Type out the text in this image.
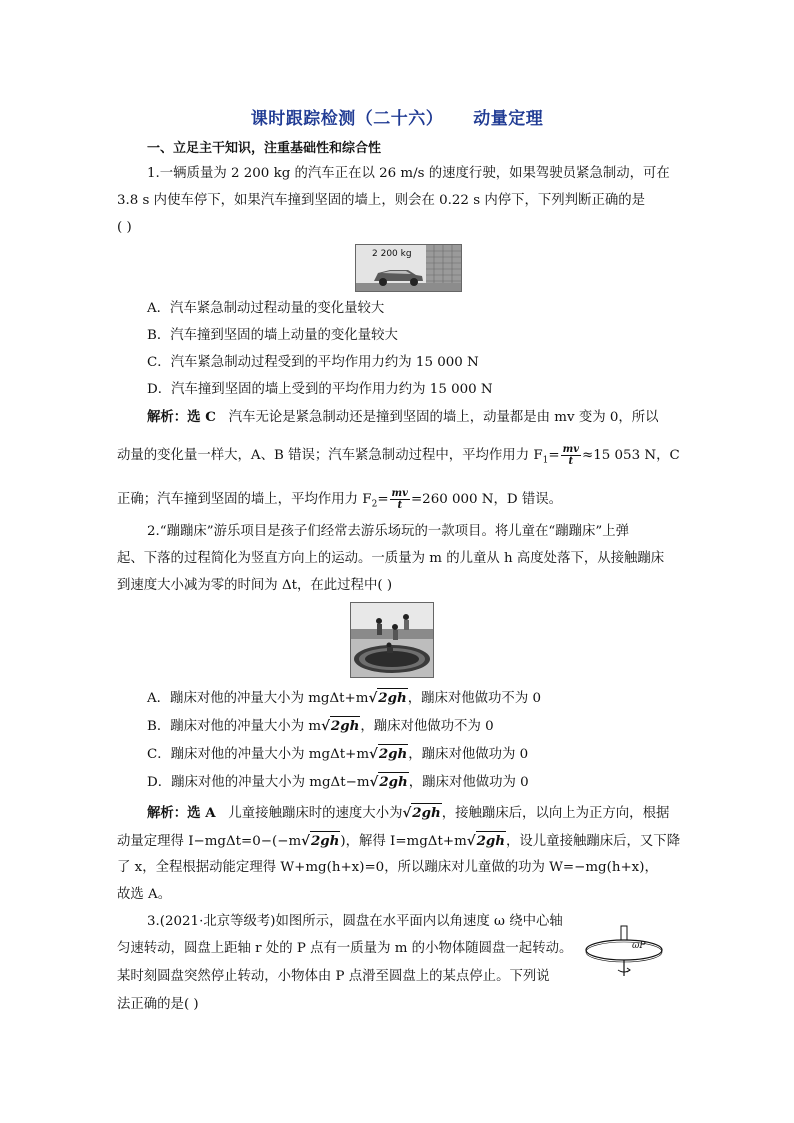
课时跟踪检测（二十六） 动量定理
一、立足主干知识，注重基础性和综合性
1.一辆质量为 2 200 kg 的汽车正在以 26 m/s 的速度行驶，如果驾驶员紧急制动，可在
3.8 s 内使车停下，如果汽车撞到坚固的墙上，则会在 0.22 s 内停下，下列判断正确的是
( )
2 200 kg
A．汽车紧急制动过程动量的变化量较大
B．汽车撞到坚固的墙上动量的变化量较大
C．汽车紧急制动过程受到的平均作用力约为 15 000 N
D．汽车撞到坚固的墙上受到的平均作用力约为 15 000 N
解析：选 C 汽车无论是紧急制动还是撞到坚固的墙上，动量都是由 mv 变为 0，所以
动量的变化量一样大，A、B 错误；汽车紧急制动过程中，平均作用力 $F_1= \frac{mv}{t} \approx 15$ 053 N，C
正确；汽车撞到坚固的墙上，平均作用力 $F_2= \frac{mv}{t} =260$ 000 N，D 错误。
2.“蹦蹦床”游乐项目是孩子们经常去游乐场玩的一款项目。将儿童在“蹦蹦床”上弹
起、下落的过程简化为竖直方向上的运动。一质量为 m 的儿童从 h 高度处落下，从接触蹦床
到速度大小减为零的时间为 Δt，在此过程中( )
A．蹦床对他的冲量大小为 mgΔt+m√2gh，蹦床对他做功不为 0
B．蹦床对他的冲量大小为 m√2gh，蹦床对他做功不为 0
C．蹦床对他的冲量大小为 mgΔt+m√2gh，蹦床对他做功为 0
D．蹦床对他的冲量大小为 mgΔt−m√2gh，蹦床对他做功为 0
解析：选 A 儿童接触蹦床时的速度大小为√2gh，接触蹦床后，以向上为正方向，根据
动量定理得 I−mgΔt=0−(−m√2gh)，解得 I=mgΔt+m√2gh，设儿童接触蹦床后，又下降
了 x，全程根据动能定理得 W+mg(h+x)=0，所以蹦床对儿童做的功为 W=−mg(h+x)，
故选 A。
3.(2021·北京等级考)如图所示，圆盘在水平面内以角速度 ω 绕中心轴
匀速转动，圆盘上距轴 r 处的 P 点有一质量为 m 的小物体随圆盘一起转动。
某时刻圆盘突然停止转动，小物体由 P 点滑至圆盘上的某点停止。下列说
法正确的是( )
ωP
